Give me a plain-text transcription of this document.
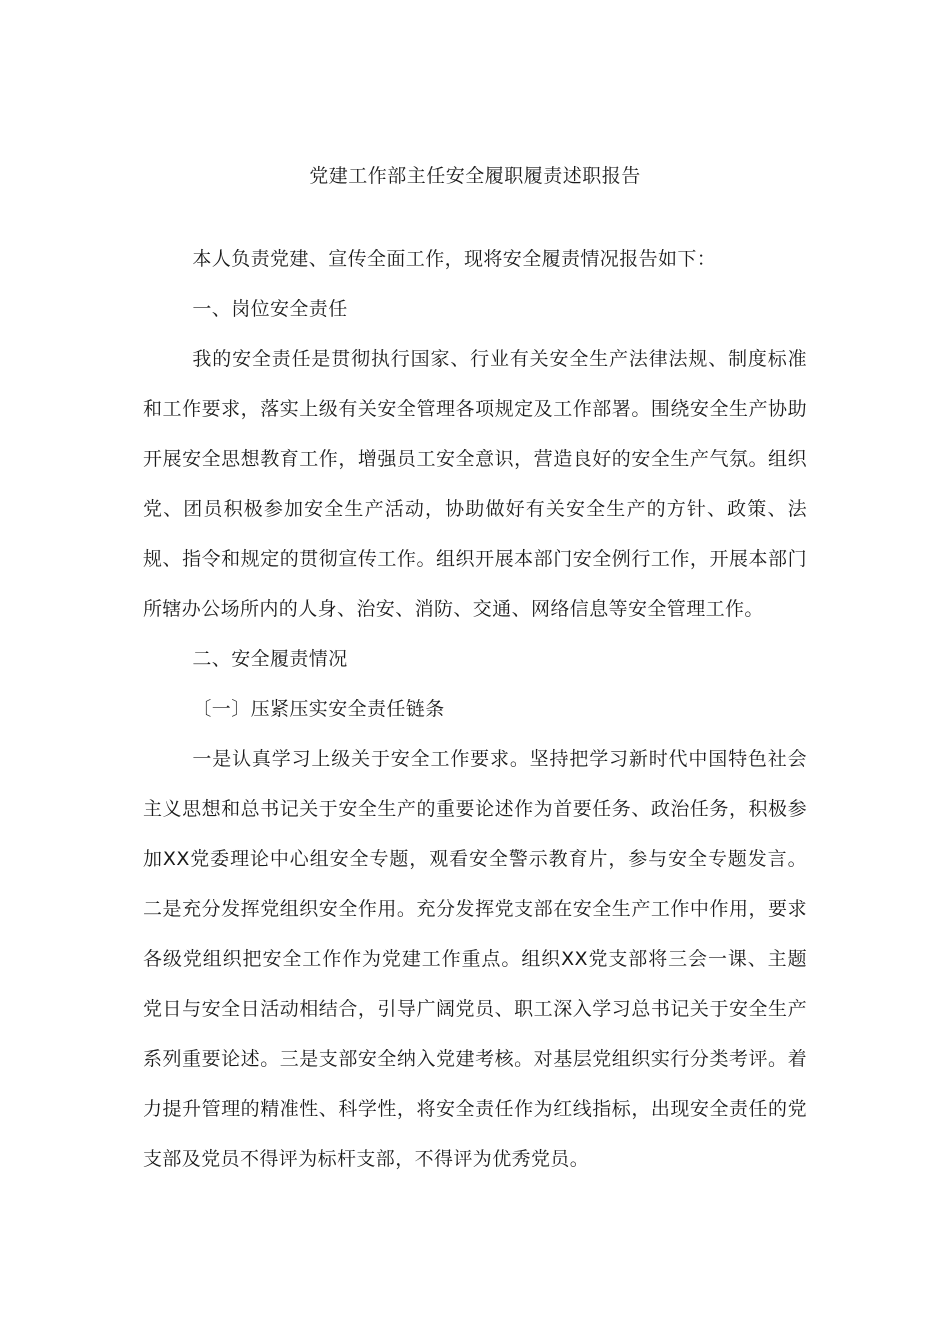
党建工作部主任安全履职履责述职报告

本人负责党建、宣传全面工作，现将安全履责情况报告如下：

一、岗位安全责任

我的安全责任是贯彻执行国家、行业有关安全生产法律法规、制度标准和工作要求，落实上级有关安全管理各项规定及工作部署。围绕安全生产协助开展安全思想教育工作，增强员工安全意识，营造良好的安全生产气氛。组织党、团员积极参加安全生产活动，协助做好有关安全生产的方针、政策、法规、指令和规定的贯彻宣传工作。组织开展本部门安全例行工作，开展本部门所辖办公场所内的人身、治安、消防、交通、网络信息等安全管理工作。

二、安全履责情况

〔一〕压紧压实安全责任链条

一是认真学习上级关于安全工作要求。坚持把学习新时代中国特色社会主义思想和总书记关于安全生产的重要论述作为首要任务、政治任务，积极参加XX党委理论中心组安全专题，观看安全警示教育片，参与安全专题发言。二是充分发挥党组织安全作用。充分发挥党支部在安全生产工作中作用，要求各级党组织把安全工作作为党建工作重点。组织XX党支部将三会一课、主题党日与安全日活动相结合，引导广阔党员、职工深入学习总书记关于安全生产系列重要论述。三是支部安全纳入党建考核。对基层党组织实行分类考评。着力提升管理的精准性、科学性，将安全责任作为红线指标，出现安全责任的党支部及党员不得评为标杆支部，不得评为优秀党员。
